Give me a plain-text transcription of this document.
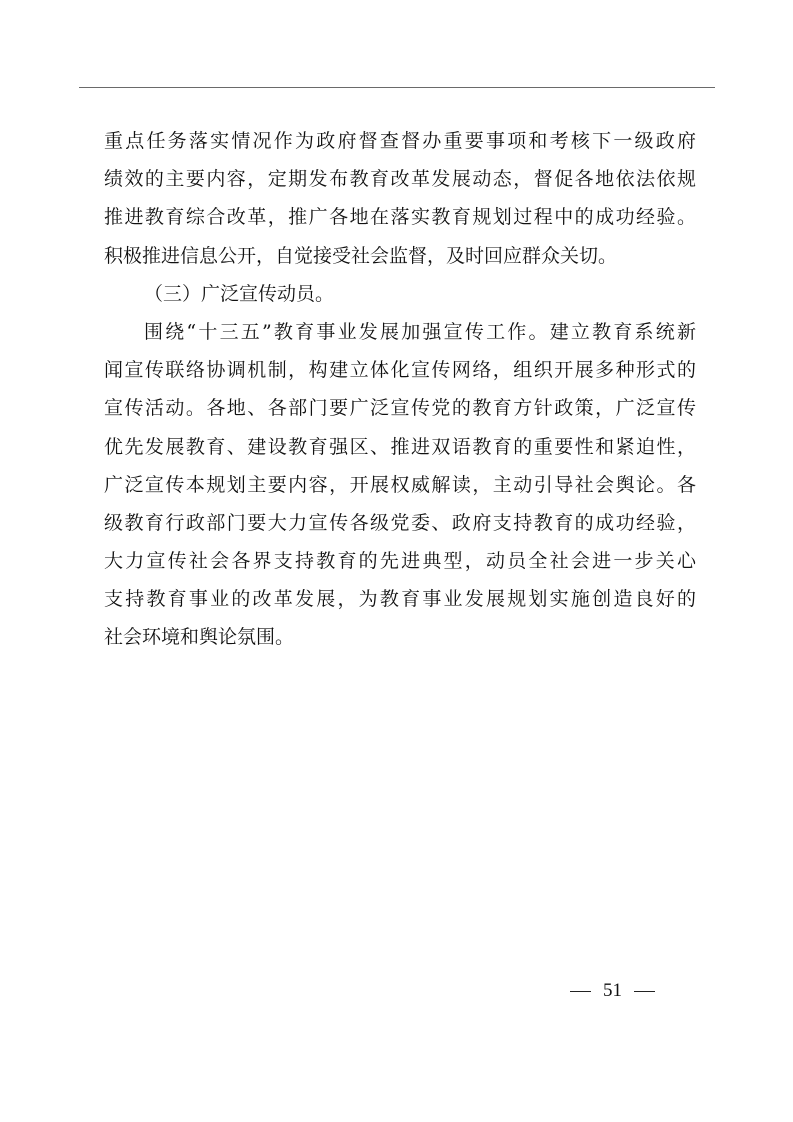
重点任务落实情况作为政府督查督办重要事项和考核下一级政府
绩效的主要内容，定期发布教育改革发展动态，督促各地依法依规
推进教育综合改革，推广各地在落实教育规划过程中的成功经验。
积极推进信息公开，自觉接受社会监督，及时回应群众关切。
（三）广泛宣传动员。
围绕“十三五”教育事业发展加强宣传工作。建立教育系统新
闻宣传联络协调机制，构建立体化宣传网络，组织开展多种形式的
宣传活动。各地、各部门要广泛宣传党的教育方针政策，广泛宣传
优先发展教育、建设教育强区、推进双语教育的重要性和紧迫性，
广泛宣传本规划主要内容，开展权威解读，主动引导社会舆论。各
级教育行政部门要大力宣传各级党委、政府支持教育的成功经验，
大力宣传社会各界支持教育的先进典型，动员全社会进一步关心
支持教育事业的改革发展，为教育事业发展规划实施创造良好的
社会环境和舆论氛围。
51
